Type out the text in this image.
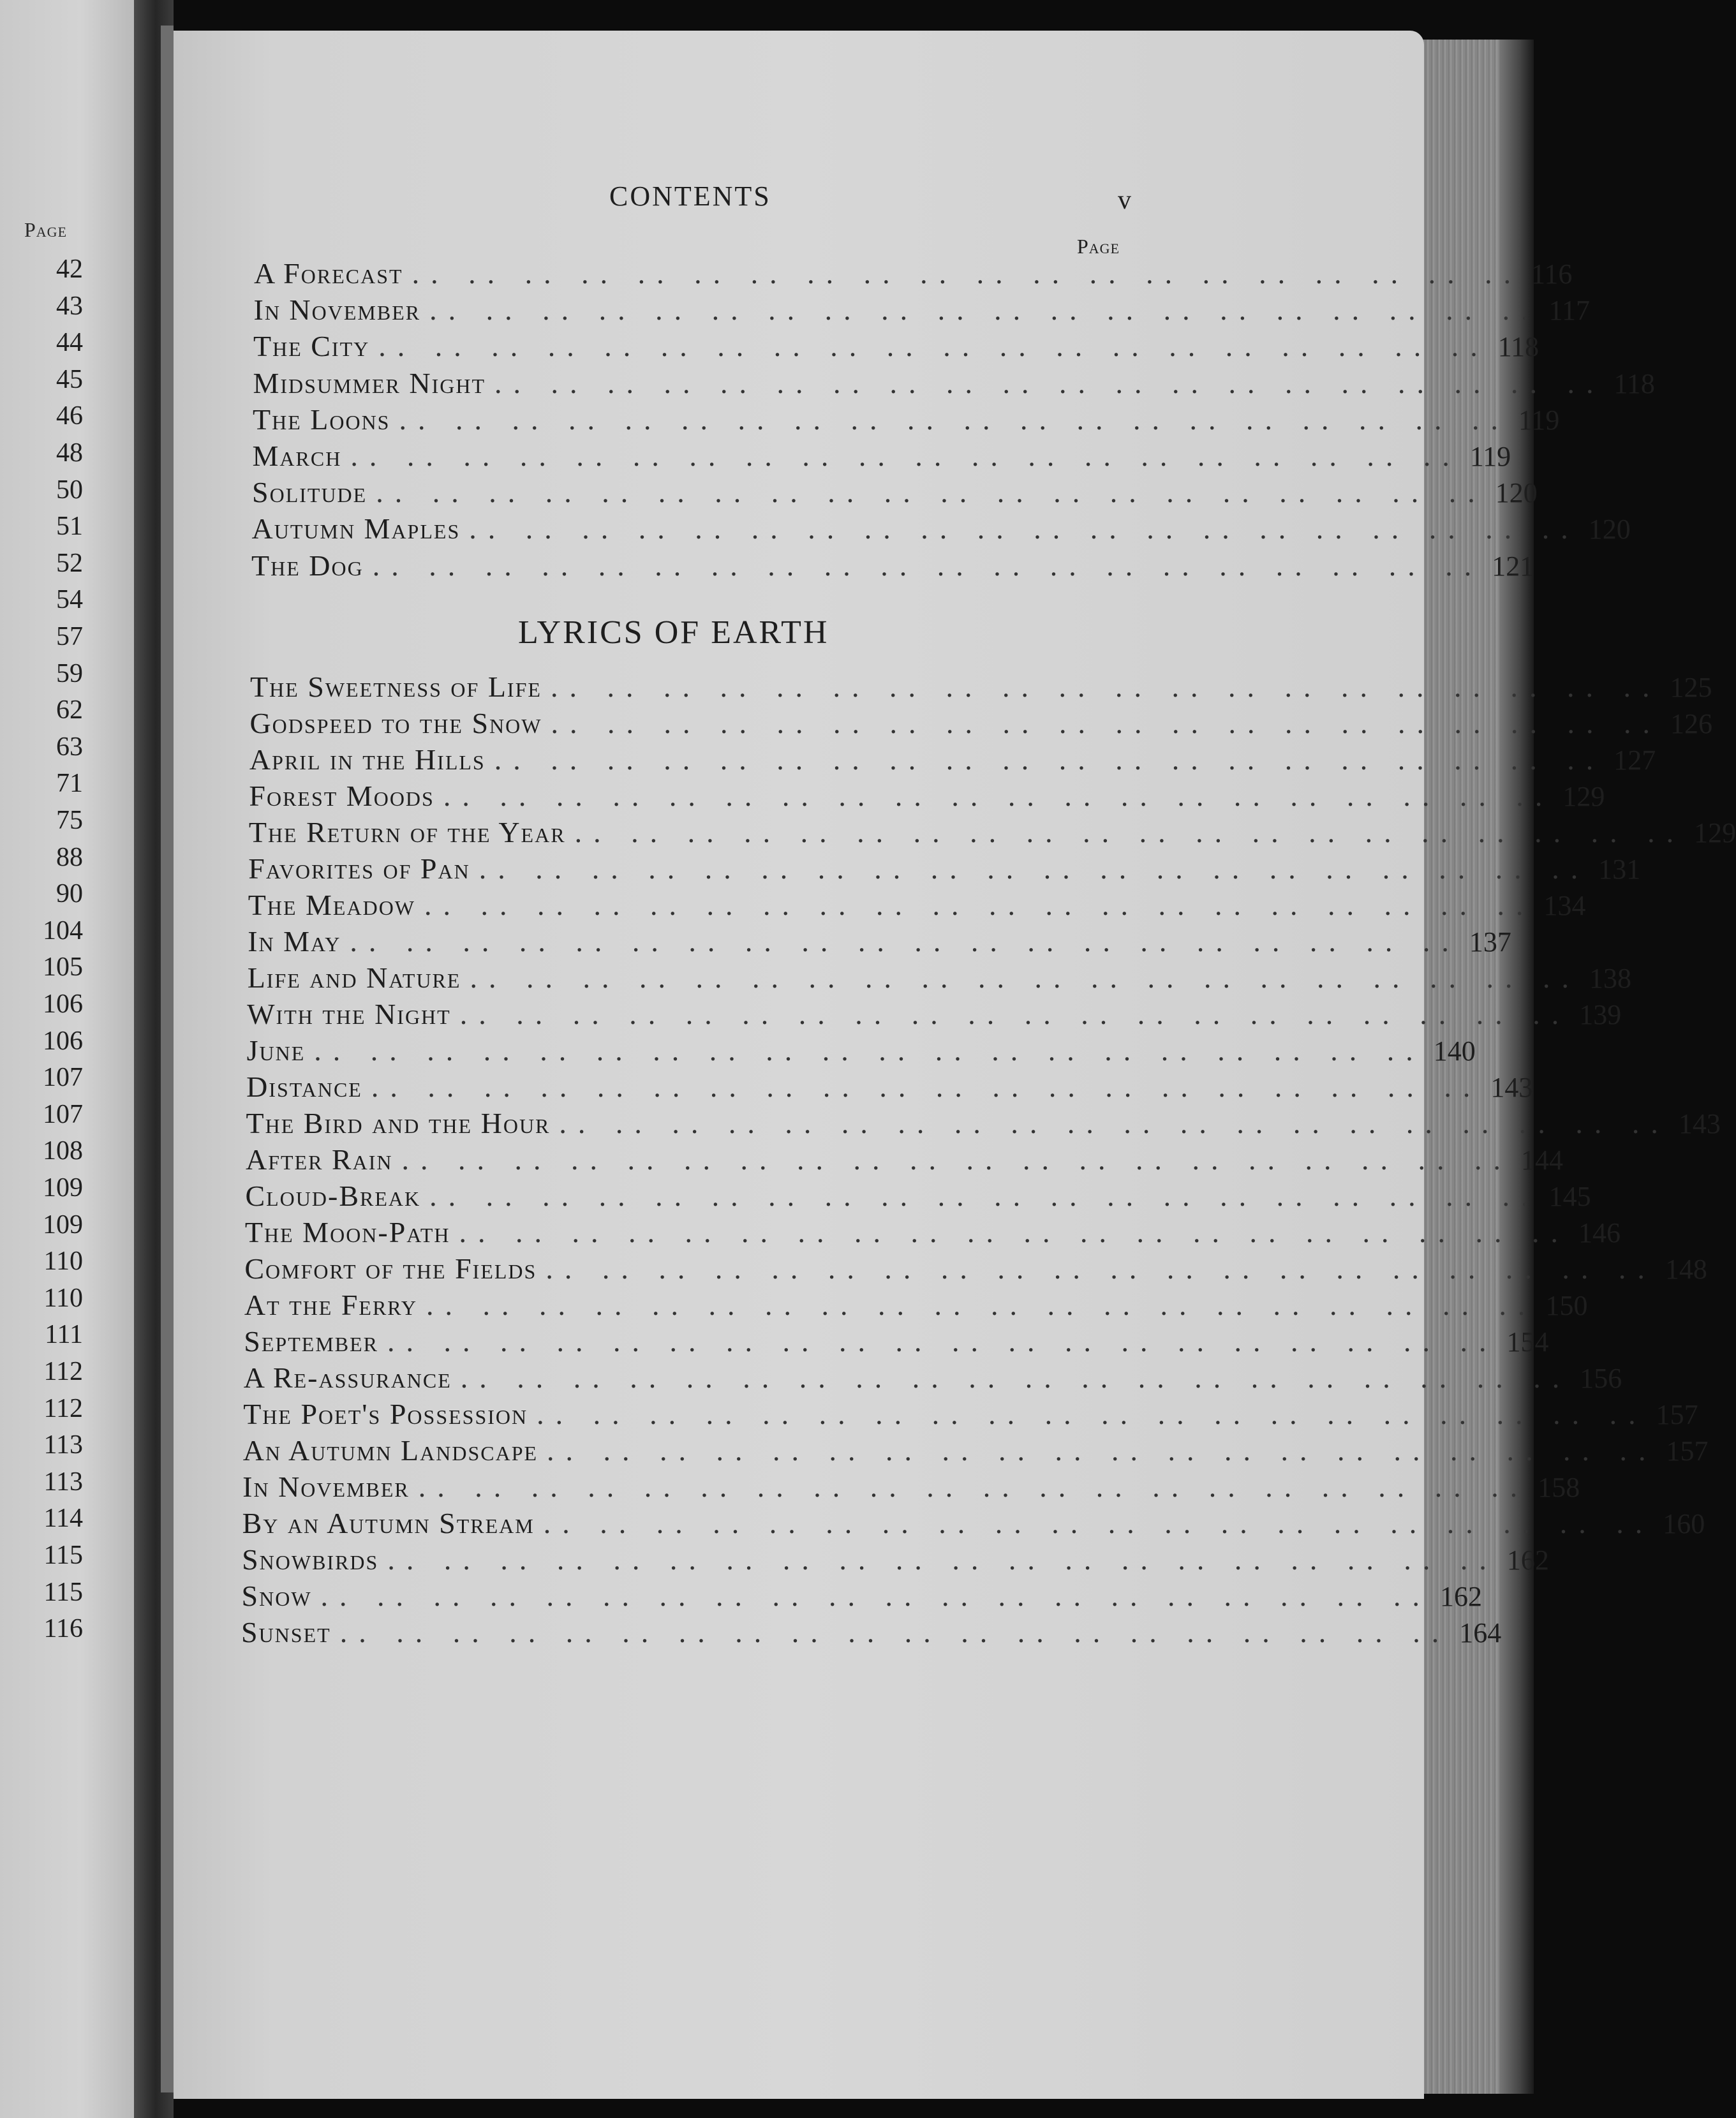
Page
42
43
44
45
46
48
50
51
52
54
57
59
62
63
71
75
88
90
104
105
106
106
107
107
108
109
109
110
110
111
112
112
113
113
114
115
115
116
CONTENTS	v
Page
LYRICS OF EARTH
A Forecast .. .. .. .. .. .. .. .. .. .. .. .. .. .. .. .. .. .. .. .. 116
In November .. .. .. .. .. .. .. .. .. .. .. .. .. .. .. .. .. .. .. .. 117
The City .. .. .. .. .. .. .. .. .. .. .. .. .. .. .. .. .. .. .. .. 118
Midsummer Night .. .. .. .. .. .. .. .. .. .. .. .. .. .. .. .. .. .. .. .. 118
The Loons .. .. .. .. .. .. .. .. .. .. .. .. .. .. .. .. .. .. .. .. 119
March .. .. .. .. .. .. .. .. .. .. .. .. .. .. .. .. .. .. .. .. 119
Solitude .. .. .. .. .. .. .. .. .. .. .. .. .. .. .. .. .. .. .. .. 120
Autumn Maples .. .. .. .. .. .. .. .. .. .. .. .. .. .. .. .. .. .. .. .. 120
The Dog .. .. .. .. .. .. .. .. .. .. .. .. .. .. .. .. .. .. .. .. 121
The Sweetness of Life .. .. .. .. .. .. .. .. .. .. .. .. .. .. .. .. .. .. .. .. 125
Godspeed to the Snow .. .. .. .. .. .. .. .. .. .. .. .. .. .. .. .. .. .. .. .. 126
April in the Hills .. .. .. .. .. .. .. .. .. .. .. .. .. .. .. .. .. .. .. .. 127
Forest Moods .. .. .. .. .. .. .. .. .. .. .. .. .. .. .. .. .. .. .. .. 129
The Return of the Year .. .. .. .. .. .. .. .. .. .. .. .. .. .. .. .. .. .. .. .. 129
Favorites of Pan .. .. .. .. .. .. .. .. .. .. .. .. .. .. .. .. .. .. .. .. 131
The Meadow .. .. .. .. .. .. .. .. .. .. .. .. .. .. .. .. .. .. .. .. 134
In May .. .. .. .. .. .. .. .. .. .. .. .. .. .. .. .. .. .. .. .. 137
Life and Nature .. .. .. .. .. .. .. .. .. .. .. .. .. .. .. .. .. .. .. .. 138
With the Night .. .. .. .. .. .. .. .. .. .. .. .. .. .. .. .. .. .. .. .. 139
June .. .. .. .. .. .. .. .. .. .. .. .. .. .. .. .. .. .. .. .. 140
Distance .. .. .. .. .. .. .. .. .. .. .. .. .. .. .. .. .. .. .. .. 143
The Bird and the Hour .. .. .. .. .. .. .. .. .. .. .. .. .. .. .. .. .. .. .. .. 143
After Rain .. .. .. .. .. .. .. .. .. .. .. .. .. .. .. .. .. .. .. .. 144
Cloud-Break .. .. .. .. .. .. .. .. .. .. .. .. .. .. .. .. .. .. .. .. 145
The Moon-Path .. .. .. .. .. .. .. .. .. .. .. .. .. .. .. .. .. .. .. .. 146
Comfort of the Fields .. .. .. .. .. .. .. .. .. .. .. .. .. .. .. .. .. .. .. .. 148
At the Ferry .. .. .. .. .. .. .. .. .. .. .. .. .. .. .. .. .. .. .. .. 150
September .. .. .. .. .. .. .. .. .. .. .. .. .. .. .. .. .. .. .. .. 154
A Re-assurance .. .. .. .. .. .. .. .. .. .. .. .. .. .. .. .. .. .. .. .. 156
The Poet's Possession .. .. .. .. .. .. .. .. .. .. .. .. .. .. .. .. .. .. .. .. 157
An Autumn Landscape .. .. .. .. .. .. .. .. .. .. .. .. .. .. .. .. .. .. .. .. 157
In November .. .. .. .. .. .. .. .. .. .. .. .. .. .. .. .. .. .. .. .. 158
By an Autumn Stream .. .. .. .. .. .. .. .. .. .. .. .. .. .. .. .. .. .. .. .. 160
Snowbirds .. .. .. .. .. .. .. .. .. .. .. .. .. .. .. .. .. .. .. .. 162
Snow .. .. .. .. .. .. .. .. .. .. .. .. .. .. .. .. .. .. .. .. 162
Sunset .. .. .. .. .. .. .. .. .. .. .. .. .. .. .. .. .. .. .. .. 164
